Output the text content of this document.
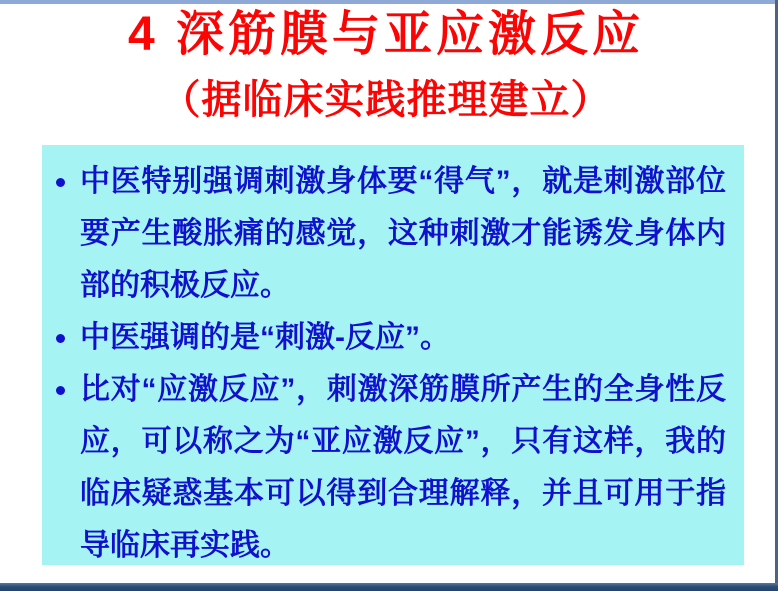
4 深筋膜与亚应激反应
（据临床实践推理建立）
中医特别强调刺激身体要“得气”，就是刺激部位要产生酸胀痛的感觉，这种刺激才能诱发身体内部的积极反应。
中医强调的是“刺激-反应”。
比对“应激反应”，刺激深筋膜所产生的全身性反应，可以称之为“亚应激反应”，只有这样，我的临床疑惑基本可以得到合理解释，并且可用于指导临床再实践。
